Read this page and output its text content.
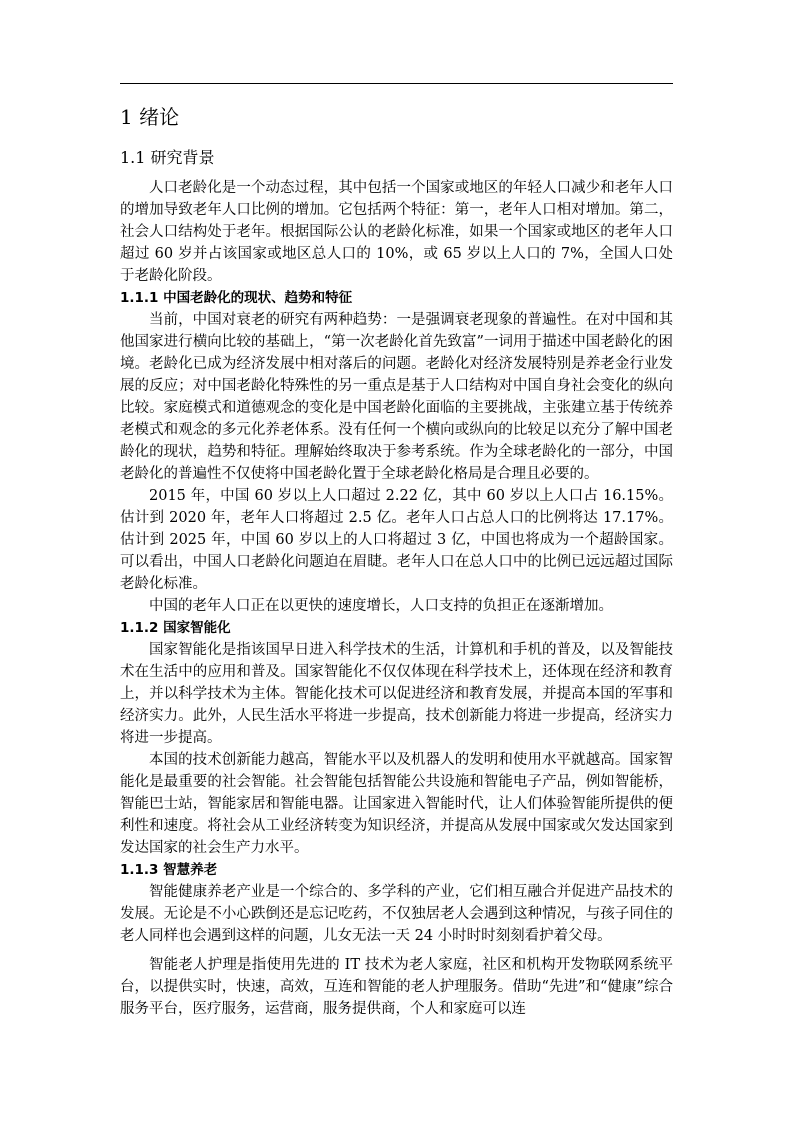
1 绪论
1.1 研究背景

人口老龄化是一个动态过程，其中包括一个国家或地区的年轻人口减少和老年人口的增加导致老年人口比例的增加。它包括两个特征：第一，老年人口相对增加。第二，社会人口结构处于老年。根据国际公认的老龄化标准，如果一个国家或地区的老年人口超过 60 岁并占该国家或地区总人口的 10%，或 65 岁以上人口的 7%，全国人口处于老龄化阶段。

1.1.1 中国老龄化的现状、趋势和特征

当前，中国对衰老的研究有两种趋势：一是强调衰老现象的普遍性。在对中国和其他国家进行横向比较的基础上，“第一次老龄化首先致富”一词用于描述中国老龄化的困境。老龄化已成为经济发展中相对落后的问题。老龄化对经济发展特别是养老金行业发展的反应；对中国老龄化特殊性的另一重点是基于人口结构对中国自身社会变化的纵向比较。家庭模式和道德观念的变化是中国老龄化面临的主要挑战，主张建立基于传统养老模式和观念的多元化养老体系。没有任何一个横向或纵向的比较足以充分了解中国老龄化的现状，趋势和特征。理解始终取决于参考系统。作为全球老龄化的一部分，中国老龄化的普遍性不仅使将中国老龄化置于全球老龄化格局是合理且必要的。

2015 年，中国 60 岁以上人口超过 2.22 亿，其中 60 岁以上人口占 16.15%。估计到 2020 年，老年人口将超过 2.5 亿。老年人口占总人口的比例将达 17.17%。估计到 2025 年，中国 60 岁以上的人口将超过 3 亿，中国也将成为一个超龄国家。可以看出，中国人口老龄化问题迫在眉睫。老年人口在总人口中的比例已远远超过国际老龄化标准。

中国的老年人口正在以更快的速度增长，人口支持的负担正在逐渐增加。

1.1.2 国家智能化

国家智能化是指该国早日进入科学技术的生活，计算机和手机的普及，以及智能技术在生活中的应用和普及。国家智能化不仅仅体现在科学技术上，还体现在经济和教育上，并以科学技术为主体。智能化技术可以促进经济和教育发展，并提高本国的军事和经济实力。此外，人民生活水平将进一步提高，技术创新能力将进一步提高，经济实力将进一步提高。

本国的技术创新能力越高，智能水平以及机器人的发明和使用水平就越高。国家智能化是最重要的社会智能。社会智能包括智能公共设施和智能电子产品，例如智能桥，智能巴士站，智能家居和智能电器。让国家进入智能时代，让人们体验智能所提供的便利性和速度。将社会从工业经济转变为知识经济，并提高从发展中国家或欠发达国家到发达国家的社会生产力水平。

1.1.3 智慧养老

智能健康养老产业是一个综合的、多学科的产业，它们相互融合并促进产品技术的发展。无论是不小心跌倒还是忘记吃药，不仅独居老人会遇到这种情况，与孩子同住的老人同样也会遇到这样的问题，儿女无法一天 24 小时时时刻刻看护着父母。

智能老人护理是指使用先进的 IT 技术为老人家庭，社区和机构开发物联网系统平台，以提供实时，快速，高效，互连和智能的老人护理服务。借助“先进”和“健康”综合服务平台，医疗服务，运营商，服务提供商，个人和家庭可以连
